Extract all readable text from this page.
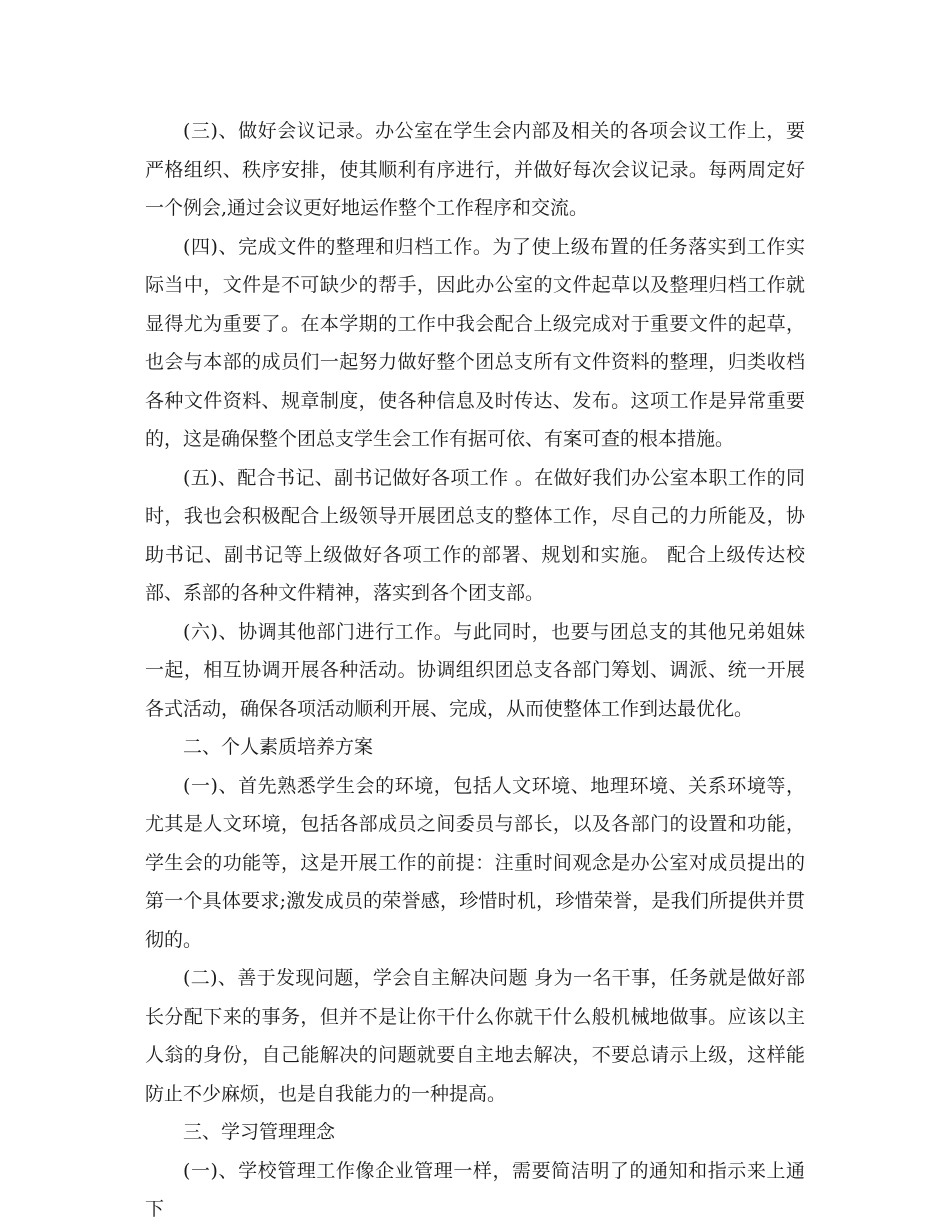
(三)、做好会议记录。办公室在学生会内部及相关的各项会议工作上，要严格组织、秩序安排，使其顺利有序进行，并做好每次会议记录。每两周定好一个例会,通过会议更好地运作整个工作程序和交流。

(四)、完成文件的整理和归档工作。为了使上级布置的任务落实到工作实际当中，文件是不可缺少的帮手，因此办公室的文件起草以及整理归档工作就显得尤为重要了。在本学期的工作中我会配合上级完成对于重要文件的起草，也会与本部的成员们一起努力做好整个团总支所有文件资料的整理，归类收档各种文件资料、规章制度，使各种信息及时传达、发布。这项工作是异常重要的，这是确保整个团总支学生会工作有据可依、有案可查的根本措施。

(五)、配合书记、副书记做好各项工作 。在做好我们办公室本职工作的同时，我也会积极配合上级领导开展团总支的整体工作，尽自己的力所能及，协助书记、副书记等上级做好各项工作的部署、规划和实施。 配合上级传达校部、系部的各种文件精神，落实到各个团支部。

(六)、协调其他部门进行工作。与此同时，也要与团总支的其他兄弟姐妹一起，相互协调开展各种活动。协调组织团总支各部门筹划、调派、统一开展各式活动，确保各项活动顺利开展、完成，从而使整体工作到达最优化。

二、个人素质培养方案

(一)、首先熟悉学生会的环境，包括人文环境、地理环境、关系环境等，尤其是人文环境，包括各部成员之间委员与部长，以及各部门的设置和功能，学生会的功能等，这是开展工作的前提：注重时间观念是办公室对成员提出的第一个具体要求;激发成员的荣誉感，珍惜时机，珍惜荣誉，是我们所提供并贯彻的。

(二)、善于发现问题，学会自主解决问题 身为一名干事，任务就是做好部长分配下来的事务，但并不是让你干什么你就干什么般机械地做事。应该以主人翁的身份，自己能解决的问题就要自主地去解决，不要总请示上级，这样能防止不少麻烦，也是自我能力的一种提高。

三、学习管理理念

(一)、学校管理工作像企业管理一样，需要简洁明了的通知和指示来上通下
